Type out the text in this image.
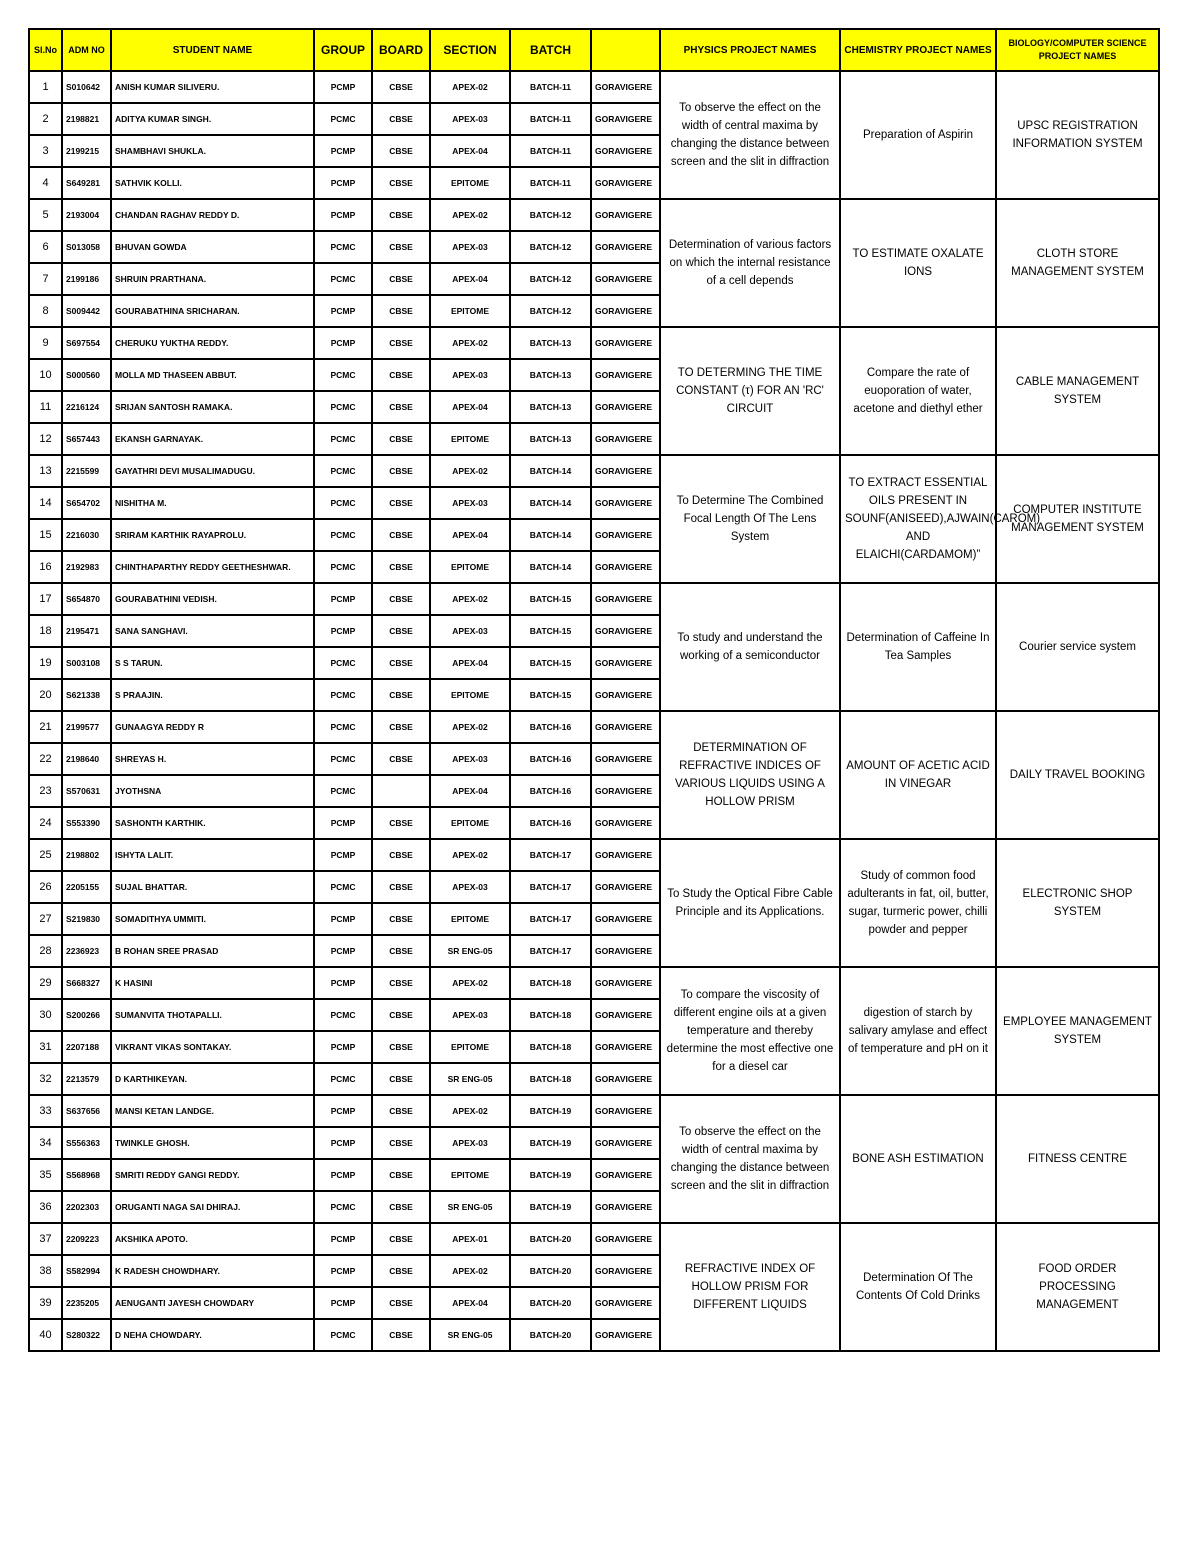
Sl.No	ADM NO	STUDENT NAME	GROUP	BOARD	SECTION	BATCH		PHYSICS PROJECT NAMES	CHEMISTRY PROJECT NAMES	BIOLOGY/COMPUTER SCIENCE PROJECT NAMES
1	S010642	ANISH KUMAR SILIVERU.	PCMP	CBSE	APEX-02	BATCH-11	GORAVIGERE	To observe the effect on the width of central maxima by changing the distance between screen and the slit in diffraction	Preparation of Aspirin	UPSC REGISTRATION INFORMATION SYSTEM
2	2198821	ADITYA KUMAR SINGH.	PCMC	CBSE	APEX-03	BATCH-11	GORAVIGERE			
3	2199215	SHAMBHAVI SHUKLA.	PCMP	CBSE	APEX-04	BATCH-11	GORAVIGERE			
4	S649281	SATHVIK KOLLI.	PCMP	CBSE	EPITOME	BATCH-11	GORAVIGERE			
5	2193004	CHANDAN RAGHAV REDDY D.	PCMP	CBSE	APEX-02	BATCH-12	GORAVIGERE	Determination of various factors on which the internal resistance of a cell depends	TO ESTIMATE OXALATE IONS	CLOTH STORE MANAGEMENT SYSTEM
6	S013058	BHUVAN GOWDA	PCMC	CBSE	APEX-03	BATCH-12	GORAVIGERE			
7	2199186	SHRUIN PRARTHANA.	PCMC	CBSE	APEX-04	BATCH-12	GORAVIGERE			
8	S009442	GOURABATHINA SRICHARAN.	PCMP	CBSE	EPITOME	BATCH-12	GORAVIGERE			
9	S697554	CHERUKU YUKTHA REDDY.	PCMP	CBSE	APEX-02	BATCH-13	GORAVIGERE	TO DETERMING THE TIME CONSTANT (τ) FOR AN 'RC' CIRCUIT	Compare the rate of euoporation of water, acetone and diethyl ether	CABLE MANAGEMENT SYSTEM
10	S000560	MOLLA MD THASEEN ABBUT.	PCMC	CBSE	APEX-03	BATCH-13	GORAVIGERE			
11	2216124	SRIJAN SANTOSH RAMAKA.	PCMC	CBSE	APEX-04	BATCH-13	GORAVIGERE			
12	S657443	EKANSH GARNAYAK.	PCMC	CBSE	EPITOME	BATCH-13	GORAVIGERE			
13	2215599	GAYATHRI DEVI MUSALIMADUGU.	PCMC	CBSE	APEX-02	BATCH-14	GORAVIGERE	To Determine The Combined Focal Length Of The Lens System	TO EXTRACT ESSENTIAL OILS PRESENT IN SOUNF(ANISEED),AJWAIN(CAROM) AND ELAICHI(CARDAMOM)”	COMPUTER INSTITUTE MANAGEMENT SYSTEM
14	S654702	NISHITHA M.	PCMC	CBSE	APEX-03	BATCH-14	GORAVIGERE			
15	2216030	SRIRAM KARTHIK RAYAPROLU.	PCMC	CBSE	APEX-04	BATCH-14	GORAVIGERE			
16	2192983	CHINTHAPARTHY REDDY GEETHESHWAR.	PCMC	CBSE	EPITOME	BATCH-14	GORAVIGERE			
17	S654870	GOURABATHINI VEDISH.	PCMP	CBSE	APEX-02	BATCH-15	GORAVIGERE	To study and understand the working of a semiconductor	Determination of Caffeine In Tea Samples	Courier service system
18	2195471	SANA SANGHAVI.	PCMP	CBSE	APEX-03	BATCH-15	GORAVIGERE			
19	S003108	S S TARUN.	PCMC	CBSE	APEX-04	BATCH-15	GORAVIGERE			
20	S621338	S PRAAJIN.	PCMC	CBSE	EPITOME	BATCH-15	GORAVIGERE			
21	2199577	GUNAAGYA REDDY R	PCMC	CBSE	APEX-02	BATCH-16	GORAVIGERE	DETERMINATION OF REFRACTIVE INDICES OF VARIOUS LIQUIDS USING A HOLLOW PRISM	AMOUNT OF ACETIC ACID IN VINEGAR	DAILY TRAVEL BOOKING
22	2198640	SHREYAS H.	PCMC	CBSE	APEX-03	BATCH-16	GORAVIGERE			
23	S570631	JYOTHSNA	PCMC		APEX-04	BATCH-16	GORAVIGERE			
24	S553390	SASHONTH KARTHIK.	PCMP	CBSE	EPITOME	BATCH-16	GORAVIGERE			
25	2198802	ISHYTA LALIT.	PCMP	CBSE	APEX-02	BATCH-17	GORAVIGERE	To Study the Optical Fibre Cable Principle and its Applications.	Study of common food adulterants in fat, oil, butter, sugar, turmeric power, chilli powder and pepper	ELECTRONIC SHOP SYSTEM
26	2205155	SUJAL BHATTAR.	PCMC	CBSE	APEX-03	BATCH-17	GORAVIGERE			
27	S219830	SOMADITHYA UMMITI.	PCMP	CBSE	EPITOME	BATCH-17	GORAVIGERE			
28	2236923	B ROHAN SREE PRASAD	PCMP	CBSE	SR ENG-05	BATCH-17	GORAVIGERE			
29	S668327	K HASINI	PCMP	CBSE	APEX-02	BATCH-18	GORAVIGERE	To compare the viscosity of different engine oils at a given temperature and thereby determine the most effective one for a diesel car	digestion of starch by salivary amylase and effect of temperature and pH on it	EMPLOYEE MANAGEMENT SYSTEM
30	S200266	SUMANVITA THOTAPALLI.	PCMC	CBSE	APEX-03	BATCH-18	GORAVIGERE			
31	2207188	VIKRANT VIKAS SONTAKAY.	PCMP	CBSE	EPITOME	BATCH-18	GORAVIGERE			
32	2213579	D KARTHIKEYAN.	PCMC	CBSE	SR ENG-05	BATCH-18	GORAVIGERE			
33	S637656	MANSI KETAN LANDGE.	PCMP	CBSE	APEX-02	BATCH-19	GORAVIGERE	To observe the effect on the width of central maxima by changing the distance between screen and the slit in diffraction	BONE ASH ESTIMATION	FITNESS CENTRE
34	S556363	TWINKLE GHOSH.	PCMP	CBSE	APEX-03	BATCH-19	GORAVIGERE			
35	S568968	SMRITI REDDY GANGI REDDY.	PCMP	CBSE	EPITOME	BATCH-19	GORAVIGERE			
36	2202303	ORUGANTI NAGA SAI DHIRAJ.	PCMC	CBSE	SR ENG-05	BATCH-19	GORAVIGERE			
37	2209223	AKSHIKA APOTO.	PCMP	CBSE	APEX-01	BATCH-20	GORAVIGERE	REFRACTIVE INDEX OF HOLLOW PRISM FOR DIFFERENT LIQUIDS	Determination Of The Contents Of Cold Drinks	FOOD ORDER PROCESSING MANAGEMENT
38	S582994	K RADESH CHOWDHARY.	PCMP	CBSE	APEX-02	BATCH-20	GORAVIGERE			
39	2235205	AENUGANTI JAYESH CHOWDARY	PCMP	CBSE	APEX-04	BATCH-20	GORAVIGERE			
40	S280322	D NEHA CHOWDARY.	PCMC	CBSE	SR ENG-05	BATCH-20	GORAVIGERE			
